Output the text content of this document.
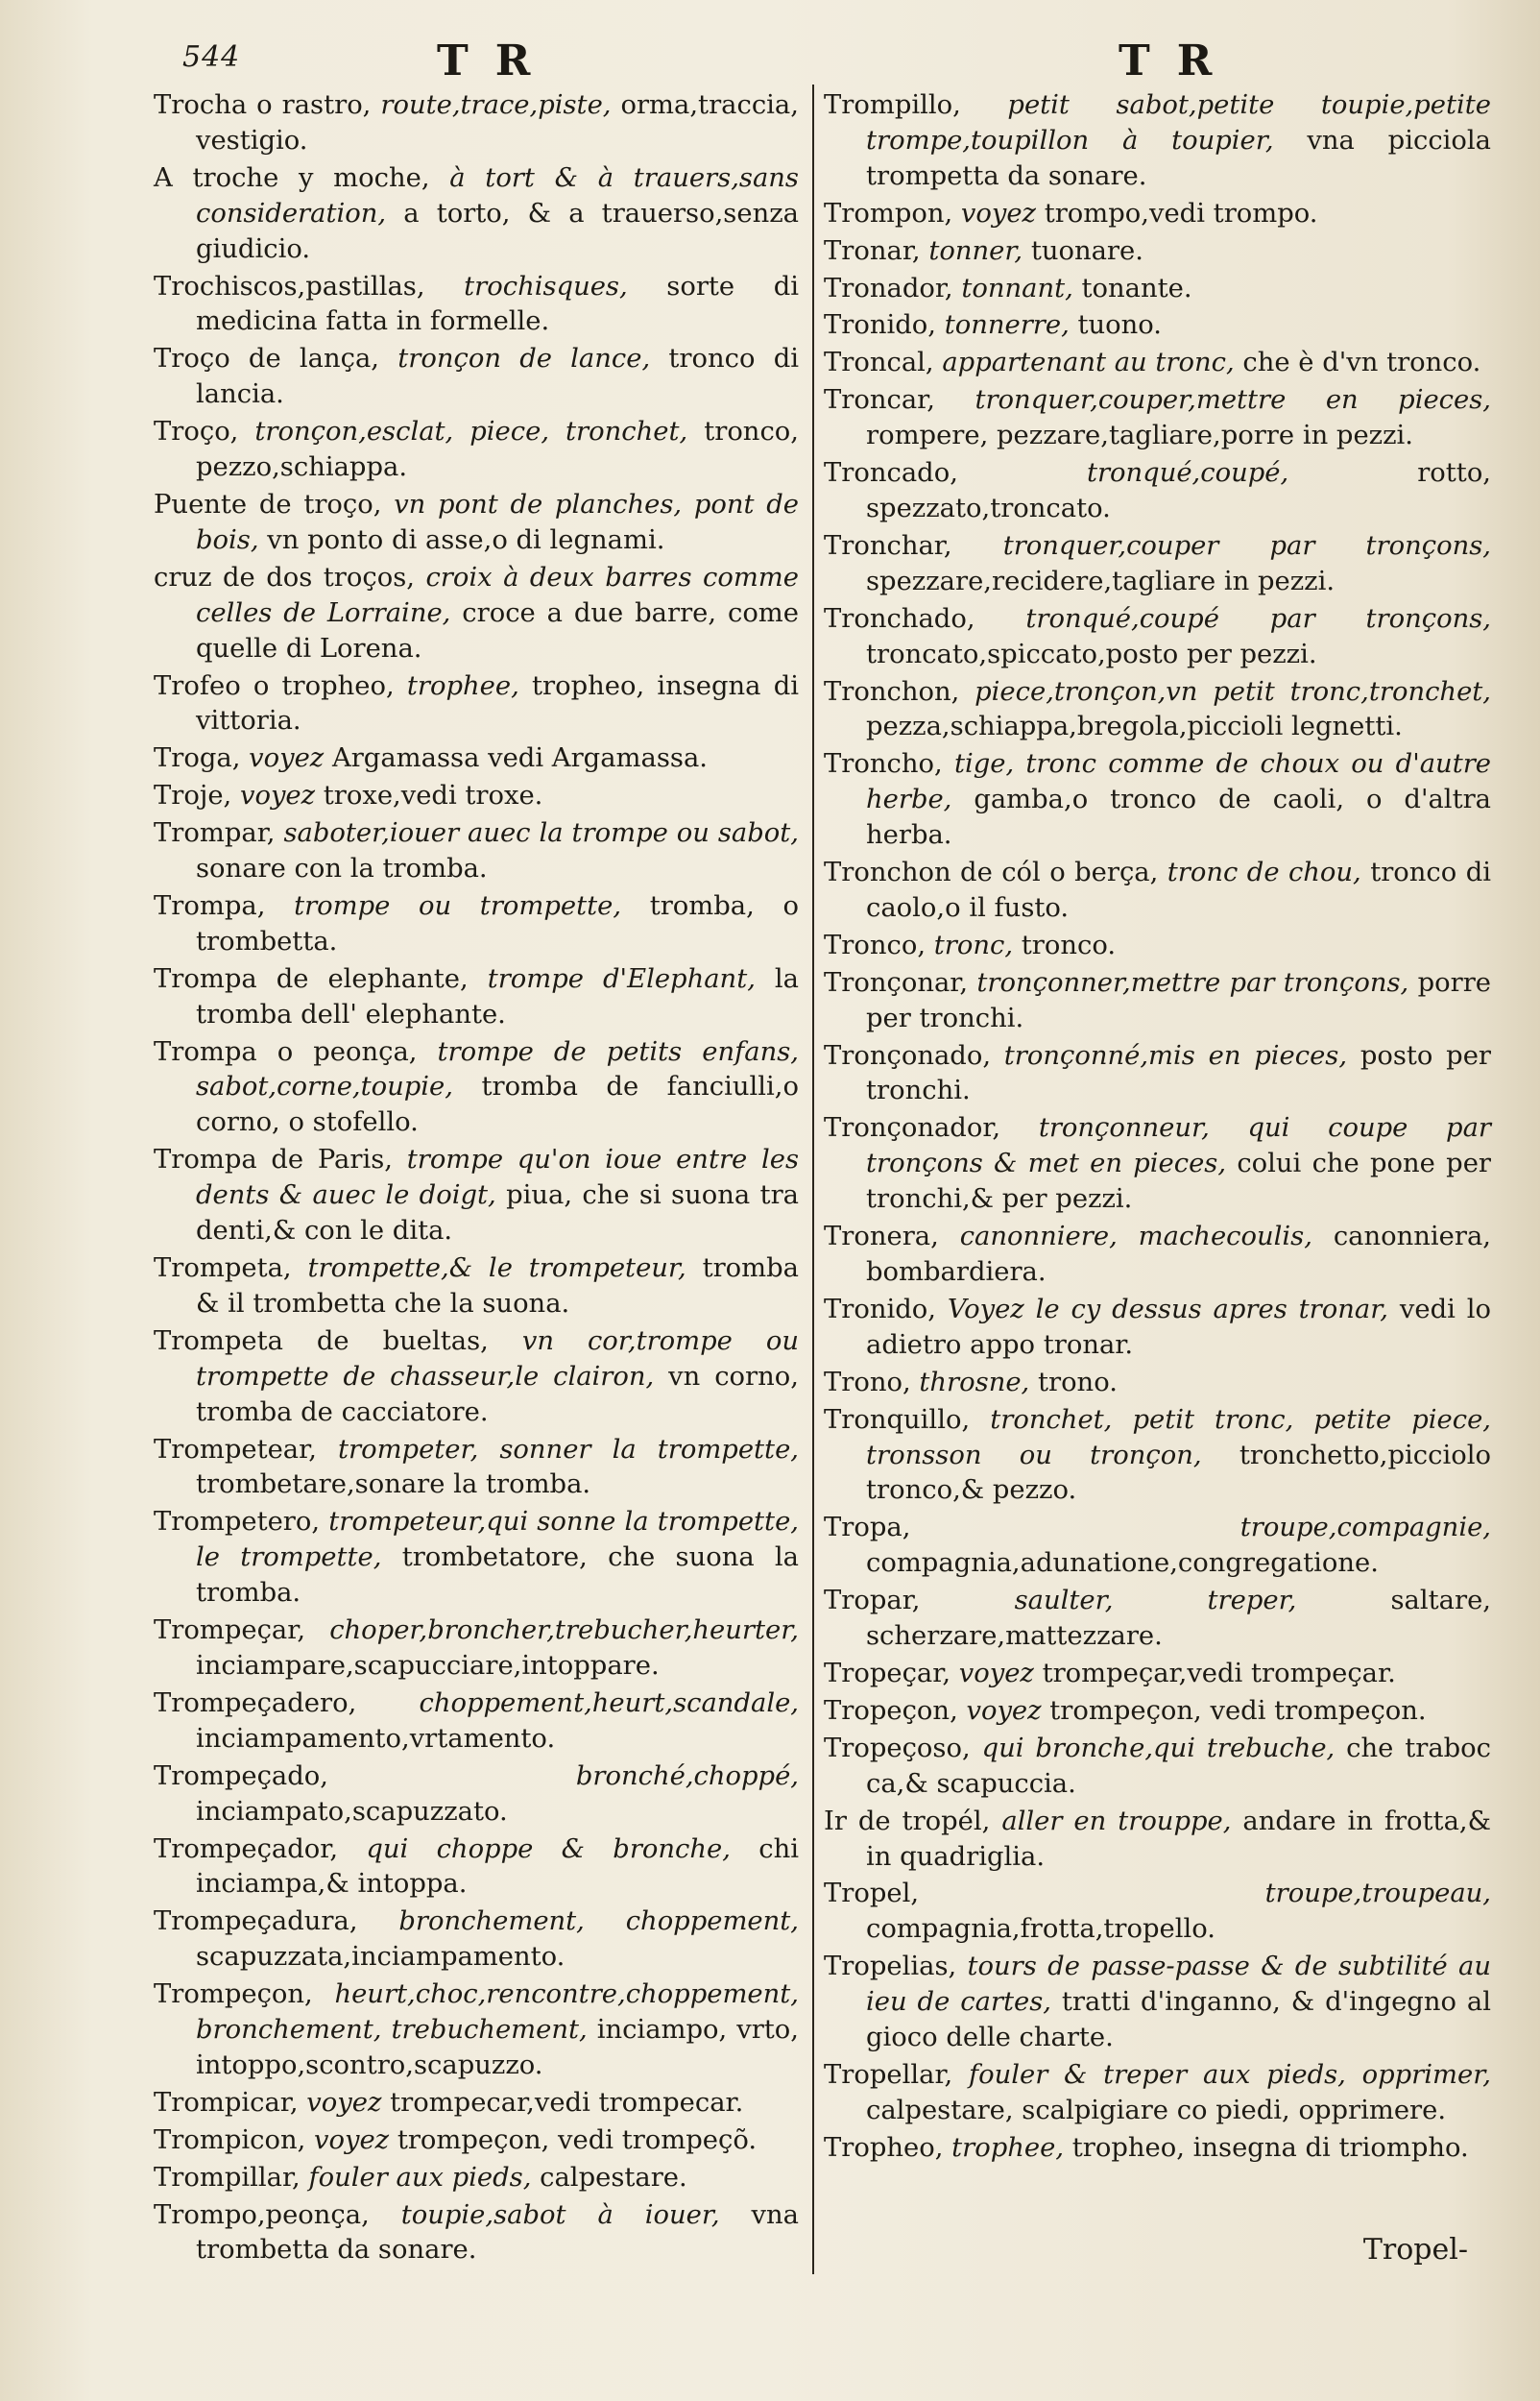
544	TR	TR

Trocha o rastro, route,trace,piste, orma,traccia, vestigio.

A troche y moche, à tort & à trauers,sans consideration, a torto, & a trauerso,senza giudicio.

Trochiscos,pastillas, trochisques, sorte di medicina fatta in formelle.

Troço de lança, tronçon de lance, tronco di lancia.

Troço, tronçon,esclat, piece, tronchet, tronco, pezzo,schiappa.

Puente de troço, vn pont de planches, pont de bois, vn ponto di asse,o di legnami.

cruz de dos troços, croix à deux barres comme celles de Lorraine, croce a due barre, come quelle di Lorena.

Trofeo o tropheo, trophee, tropheo, insegna di vittoria.

Troga, voyez Argamassa vedi Argamassa.

Troje, voyez troxe,vedi troxe.

Trompar, saboter,iouer auec la trompe ou sabot, sonare con la tromba.

Trompa, trompe ou trompette, tromba, o trombetta.

Trompa de elephante, trompe d'Elephant, la tromba dell' elephante.

Trompa o peonça, trompe de petits enfans, sabot,corne,toupie, tromba de fanciulli,o corno, o stofello.

Trompa de Paris, trompe qu'on ioue entre les dents & auec le doigt, piua, che si suona tra denti,& con le dita.

Trompeta, trompette,& le trompeteur, tromba & il trombetta che la suona.

Trompeta de bueltas, vn cor,trompe ou trompette de chasseur,le clairon, vn corno, tromba de cacciatore.

Trompetear, trompeter, sonner la trompette, trombetare,sonare la tromba.

Trompetero, trompeteur,qui sonne la trompette, le trompette, trombetatore, che suona la tromba.

Trompeçar, choper,broncher,trebucher,heurter, inciampare,scapucciare,intoppare.

Trompeçadero, choppement,heurt,scandale, inciampamento,vrtamento.

Trompeçado, bronché,choppé, inciampato,scapuzzato.

Trompeçador, qui choppe & bronche, chi inciampa,& intoppa.

Trompeçadura, bronchement, choppement, scapuzzata,inciampamento.

Trompeçon, heurt,choc,rencontre,choppement, bronchement, trebuchement, inciampo, vrto, intoppo,scontro,scapuzzo.

Trompicar, voyez trompecar,vedi trompecar.

Trompicon, voyez trompeçon, vedi trompeçõ.

Trompillar, fouler aux pieds, calpestare.

Trompo,peonça, toupie,sabot à iouer, vna trombetta da sonare.

Trompillo, petit sabot,petite toupie,petite trompe,toupillon à toupier, vna picciola trompetta da sonare.

Trompon, voyez trompo,vedi trompo.

Tronar, tonner, tuonare.

Tronador, tonnant, tonante.

Tronido, tonnerre, tuono.

Troncal, appartenant au tronc, che è d'vn tronco.

Troncar, tronquer,couper,mettre en pieces, rompere, pezzare,tagliare,porre in pezzi.

Troncado, tronqué,coupé, rotto, spezzato,troncato.

Tronchar, tronquer,couper par tronçons, spezzare,recidere,tagliare in pezzi.

Tronchado, tronqué,coupé par tronçons, troncato,spiccato,posto per pezzi.

Tronchon, piece,tronçon,vn petit tronc,tronchet, pezza,schiappa,bregola,piccioli legnetti.

Troncho, tige, tronc comme de choux ou d'autre herbe, gamba,o tronco de caoli, o d'altra herba.

Tronchon de cól o berça, tronc de chou, tronco di caolo,o il fusto.

Tronco, tronc, tronco.

Tronçonar, tronçonner,mettre par tronçons, porre per tronchi.

Tronçonado, tronçonné,mis en pieces, posto per tronchi.

Tronçonador, tronçonneur, qui coupe par tronçons & met en pieces, colui che pone per tronchi,& per pezzi.

Tronera, canonniere, machecoulis, canonniera, bombardiera.

Tronido, Voyez le cy dessus apres tronar, vedi lo adietro appo tronar.

Trono, throsne, trono.

Tronquillo, tronchet, petit tronc, petite piece, tronsson ou tronçon, tronchetto,picciolo tronco,& pezzo.

Tropa, troupe,compagnie, compagnia,adunatione,congregatione.

Tropar, saulter, treper, saltare, scherzare,mattezzare.

Tropeçar, voyez trompeçar,vedi trompeçar.

Tropeçon, voyez trompeçon, vedi trompeçon.

Tropeçoso, qui bronche,qui trebuche, che traboc ca,& scapuccia.

Ir de tropél, aller en trouppe, andare in frotta,& in quadriglia.

Tropel, troupe,troupeau, compagnia,frotta,tropello.

Tropelias, tours de passe-passe & de subtilité au ieu de cartes, tratti d'inganno, & d'ingegno al gioco delle charte.

Tropellar, fouler & treper aux pieds, opprimer, calpestare, scalpigiare co piedi, opprimere.

Tropheo, trophee, tropheo, insegna di triompho.

Tropel-
